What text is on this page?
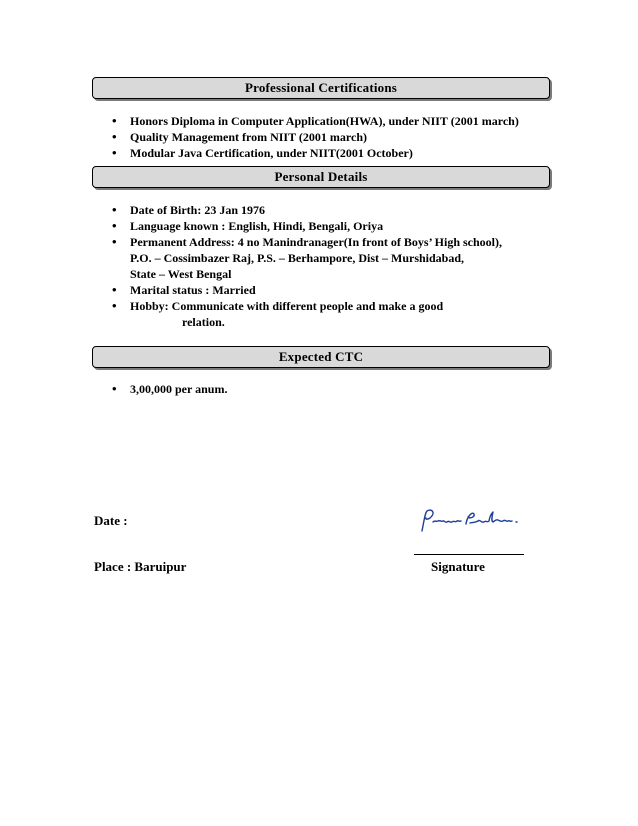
Professional Certifications
• Honors Diploma in Computer Application(HWA), under NIIT (2001 march)
• Quality Management from NIIT (2001 march)
• Modular Java Certification, under NIIT(2001 October)
Personal Details
• Date of Birth: 23 Jan 1976
• Language known : English, Hindi, Bengali, Oriya
• Permanent Address: 4 no Manindranager(In front of Boys’ High school),
P.O. – Cossimbazer Raj, P.S. – Berhampore, Dist – Murshidabad,
State – West Bengal
• Marital status : Married
• Hobby: Communicate with different people and make a good
relation.
Expected CTC
• 3,00,000 per anum.
Date :
Place : Baruipur	Signature
